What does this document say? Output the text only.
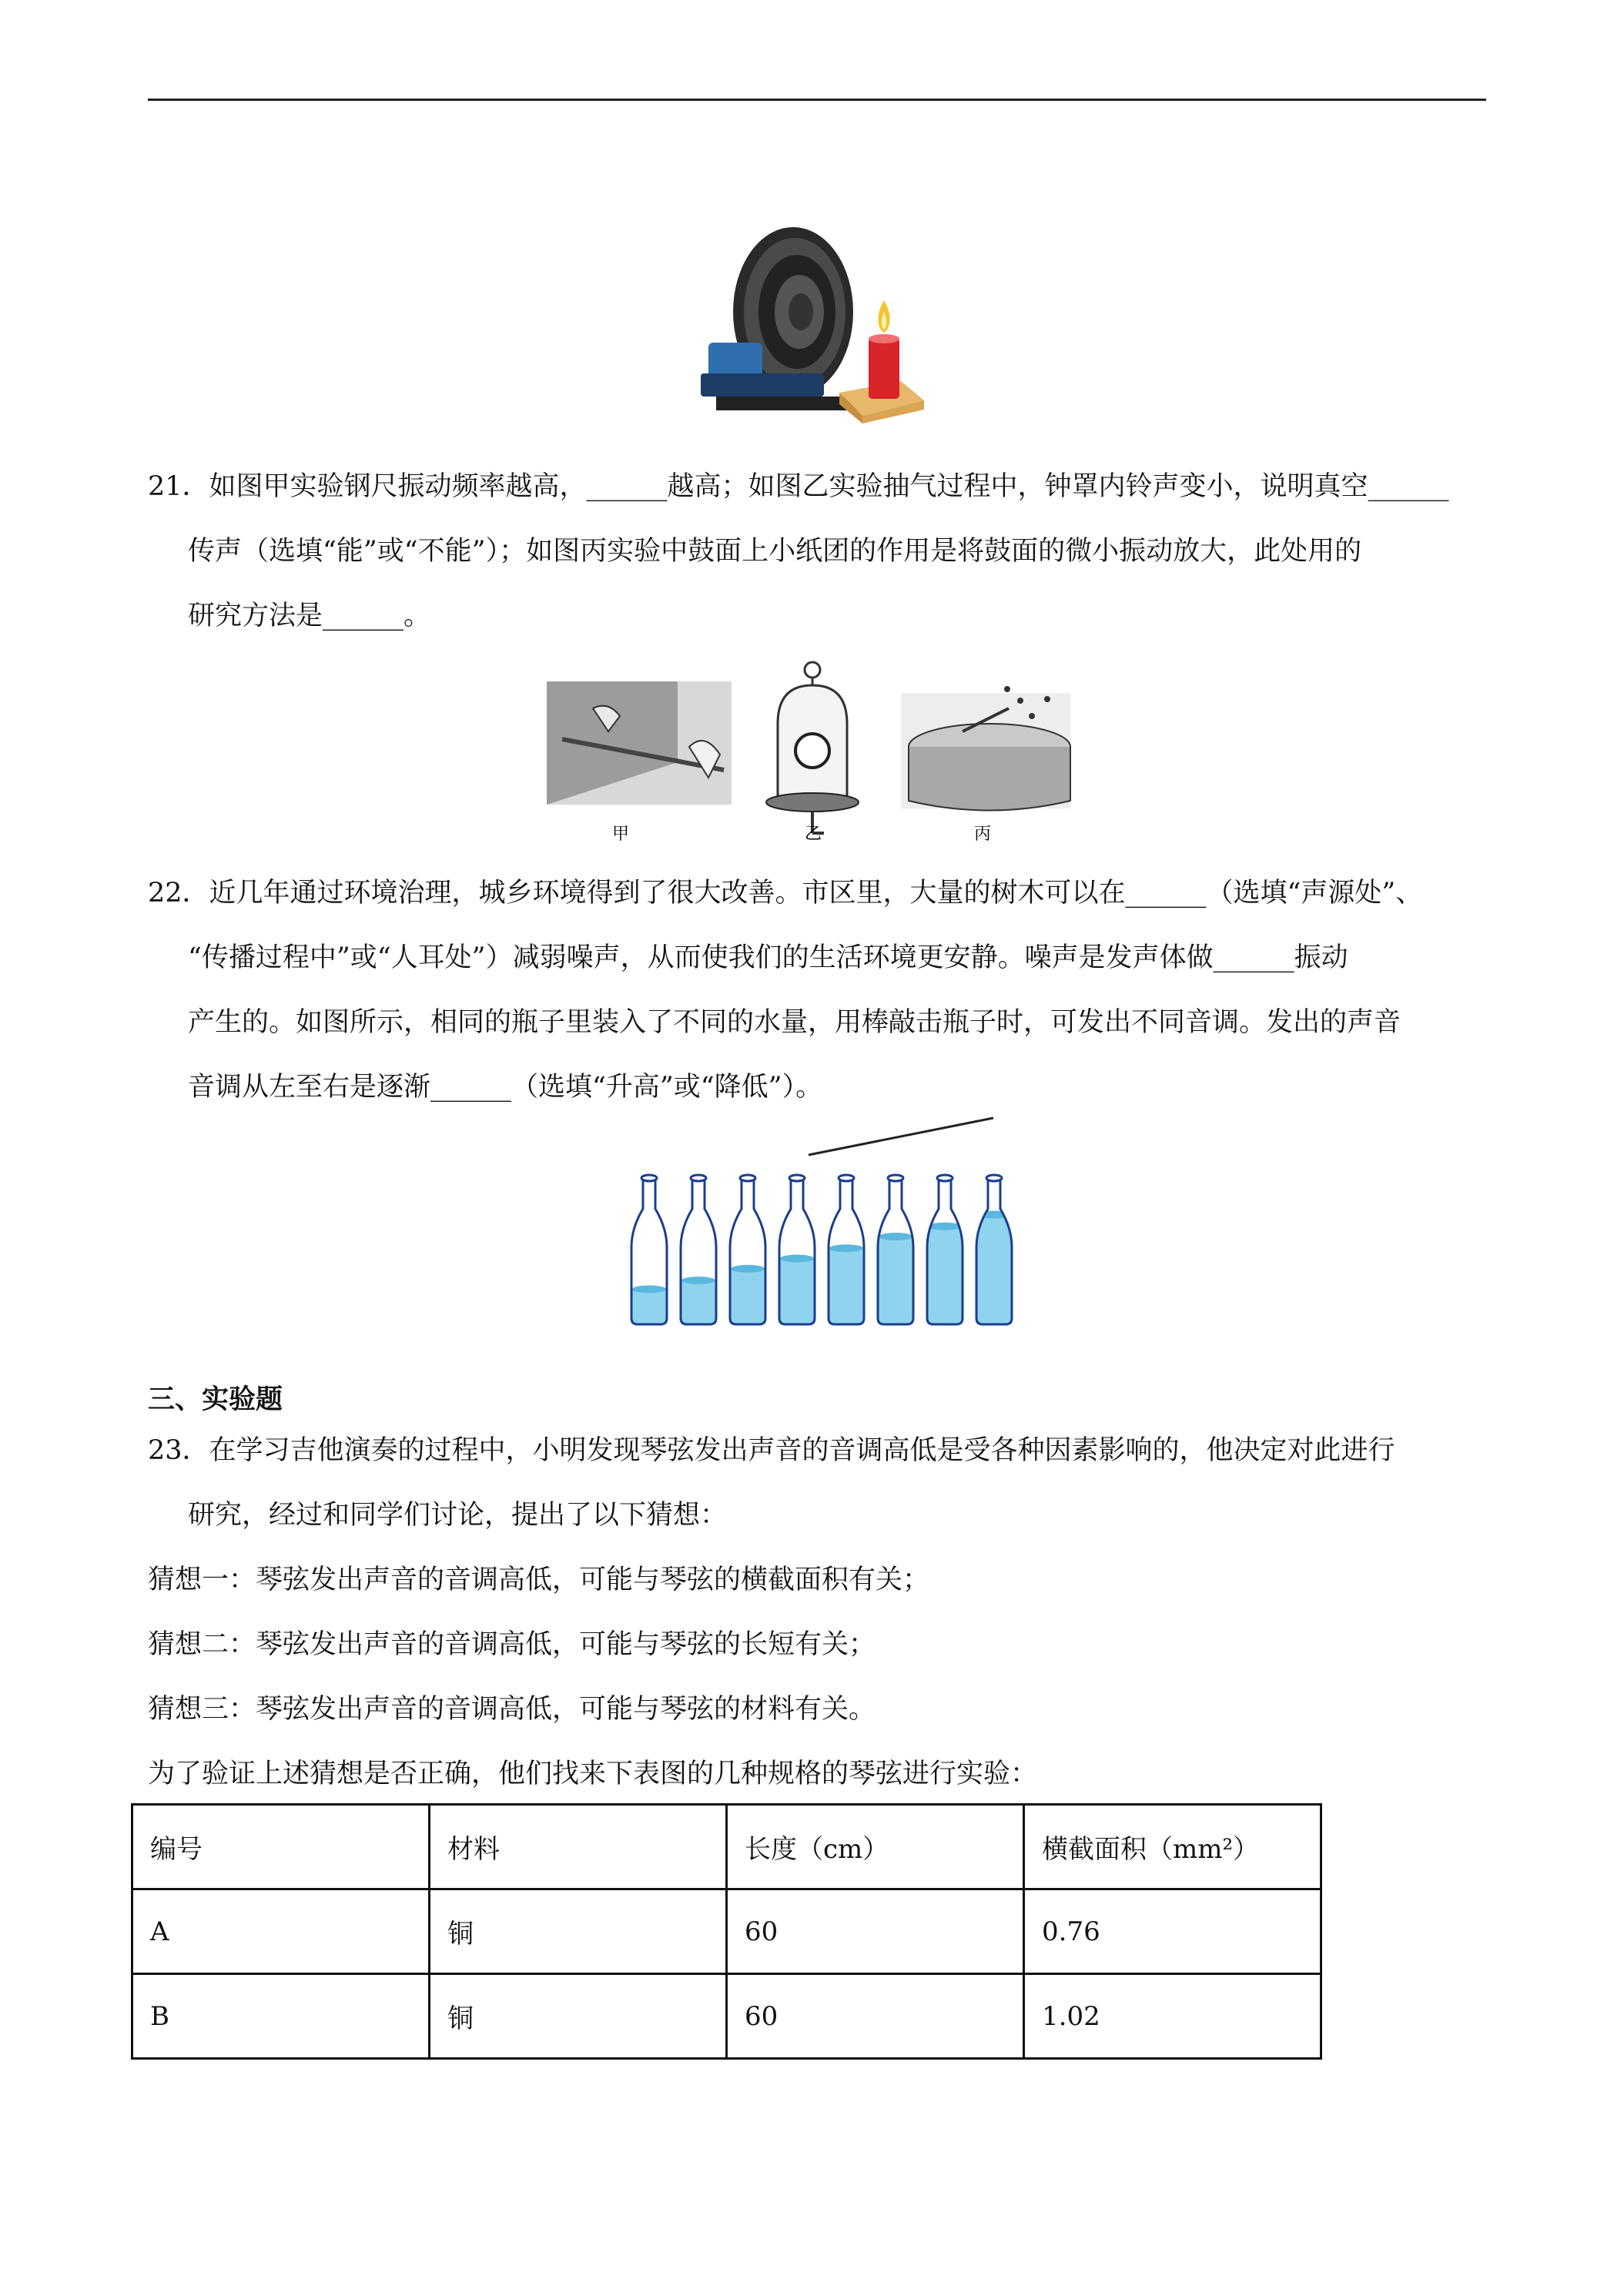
21．如图甲实验钢尺振动频率越高，______越高；如图乙实验抽气过程中，钟罩内铃声变小，说明真空______
传声（选填“能”或“不能”）；如图丙实验中鼓面上小纸团的作用是将鼓面的微小振动放大，此处用的
研究方法是______。
甲	乙	丙
22．近几年通过环境治理，城乡环境得到了很大改善。市区里，大量的树木可以在______（选填“声源处”、
“传播过程中”或“人耳处”）减弱噪声，从而使我们的生活环境更安静。噪声是发声体做______振动
产生的。如图所示，相同的瓶子里装入了不同的水量，用棒敲击瓶子时，可发出不同音调。发出的声音
音调从左至右是逐渐______（选填“升高”或“降低”）。
三、实验题
23．在学习吉他演奏的过程中，小明发现琴弦发出声音的音调高低是受各种因素影响的，他决定对此进行
研究，经过和同学们讨论，提出了以下猜想：
猜想一：琴弦发出声音的音调高低，可能与琴弦的横截面积有关；
猜想二：琴弦发出声音的音调高低，可能与琴弦的长短有关；
猜想三：琴弦发出声音的音调高低，可能与琴弦的材料有关。
为了验证上述猜想是否正确，他们找来下表图的几种规格的琴弦进行实验：
编号	材料	长度（cm）	横截面积（mm²）
A	铜	60	0.76
B	铜	60	1.02
